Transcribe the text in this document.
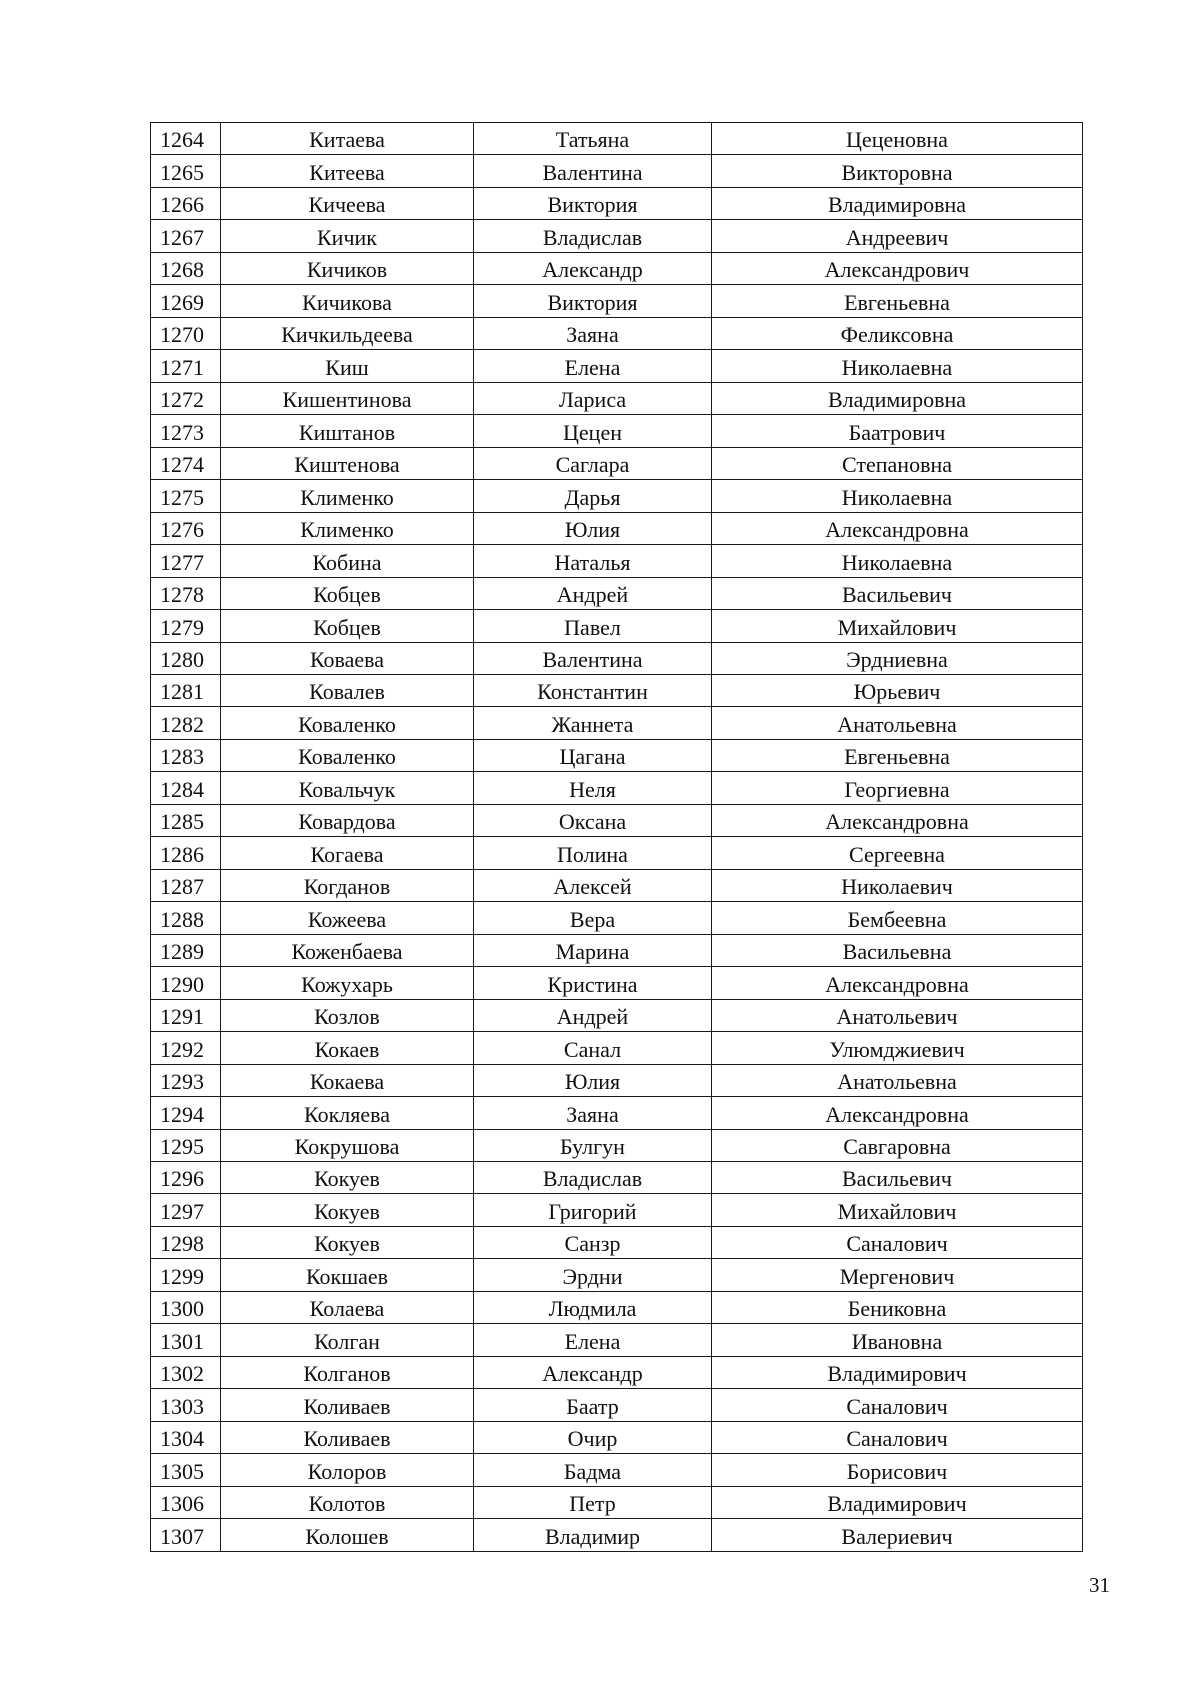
1264	Китаева	Татьяна	Цеценовна
1265	Китеева	Валентина	Викторовна
1266	Кичеева	Виктория	Владимировна
1267	Кичик	Владислав	Андреевич
1268	Кичиков	Александр	Александрович
1269	Кичикова	Виктория	Евгеньевна
1270	Кичкильдеева	Заяна	Феликсовна
1271	Киш	Елена	Николаевна
1272	Кишентинова	Лариса	Владимировна
1273	Киштанов	Цецен	Баатрович
1274	Киштенова	Саглара	Степановна
1275	Клименко	Дарья	Николаевна
1276	Клименко	Юлия	Александровна
1277	Кобина	Наталья	Николаевна
1278	Кобцев	Андрей	Васильевич
1279	Кобцев	Павел	Михайлович
1280	Коваева	Валентина	Эрдниевна
1281	Ковалев	Константин	Юрьевич
1282	Коваленко	Жаннета	Анатольевна
1283	Коваленко	Цагана	Евгеньевна
1284	Ковальчук	Неля	Георгиевна
1285	Ковардова	Оксана	Александровна
1286	Когаева	Полина	Сергеевна
1287	Когданов	Алексей	Николаевич
1288	Кожеева	Вера	Бембеевна
1289	Коженбаева	Марина	Васильевна
1290	Кожухарь	Кристина	Александровна
1291	Козлов	Андрей	Анатольевич
1292	Кокаев	Санал	Улюмджиевич
1293	Кокаева	Юлия	Анатольевна
1294	Кокляева	Заяна	Александровна
1295	Кокрушова	Булгун	Савгаровна
1296	Кокуев	Владислав	Васильевич
1297	Кокуев	Григорий	Михайлович
1298	Кокуев	Санзр	Саналович
1299	Кокшаев	Эрдни	Мергенович
1300	Колаева	Людмила	Бениковна
1301	Колган	Елена	Ивановна
1302	Колганов	Александр	Владимирович
1303	Коливаев	Баатр	Саналович
1304	Коливаев	Очир	Саналович
1305	Колоров	Бадма	Борисович
1306	Колотов	Петр	Владимирович
1307	Колошев	Владимир	Валериевич
31
